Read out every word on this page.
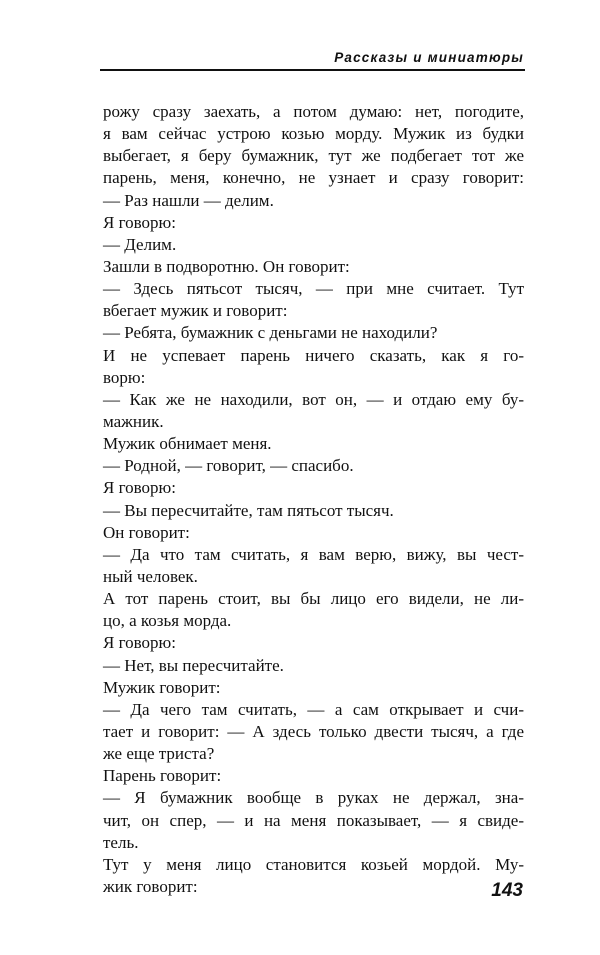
Рассказы и миниатюры
рожу сразу заехать, а потом думаю: нет, погодите,
я вам сейчас устрою козью морду. Мужик из будки
выбегает, я беру бумажник, тут же подбегает тот же
парень, меня, конечно, не узнает и сразу говорит:
— Раз нашли — делим.
Я говорю:
— Делим.
Зашли в подворотню. Он говорит:
— Здесь пятьсот тысяч, — при мне считает. Тут
вбегает мужик и говорит:
— Ребята, бумажник с деньгами не находили?
И не успевает парень ничего сказать, как я го-
ворю:
— Как же не находили, вот он, — и отдаю ему бу-
мажник.
Мужик обнимает меня.
— Родной, — говорит, — спасибо.
Я говорю:
— Вы пересчитайте, там пятьсот тысяч.
Он говорит:
— Да что там считать, я вам верю, вижу, вы чест-
ный человек.
А тот парень стоит, вы бы лицо его видели, не ли-
цо, а козья морда.
Я говорю:
— Нет, вы пересчитайте.
Мужик говорит:
— Да чего там считать, — а сам открывает и счи-
тает и говорит: — А здесь только двести тысяч, а где
же еще триста?
Парень говорит:
— Я бумажник вообще в руках не держал, зна-
чит, он спер, — и на меня показывает, — я свиде-
тель.
Тут у меня лицо становится козьей мордой. Му-
жик говорит:	143
